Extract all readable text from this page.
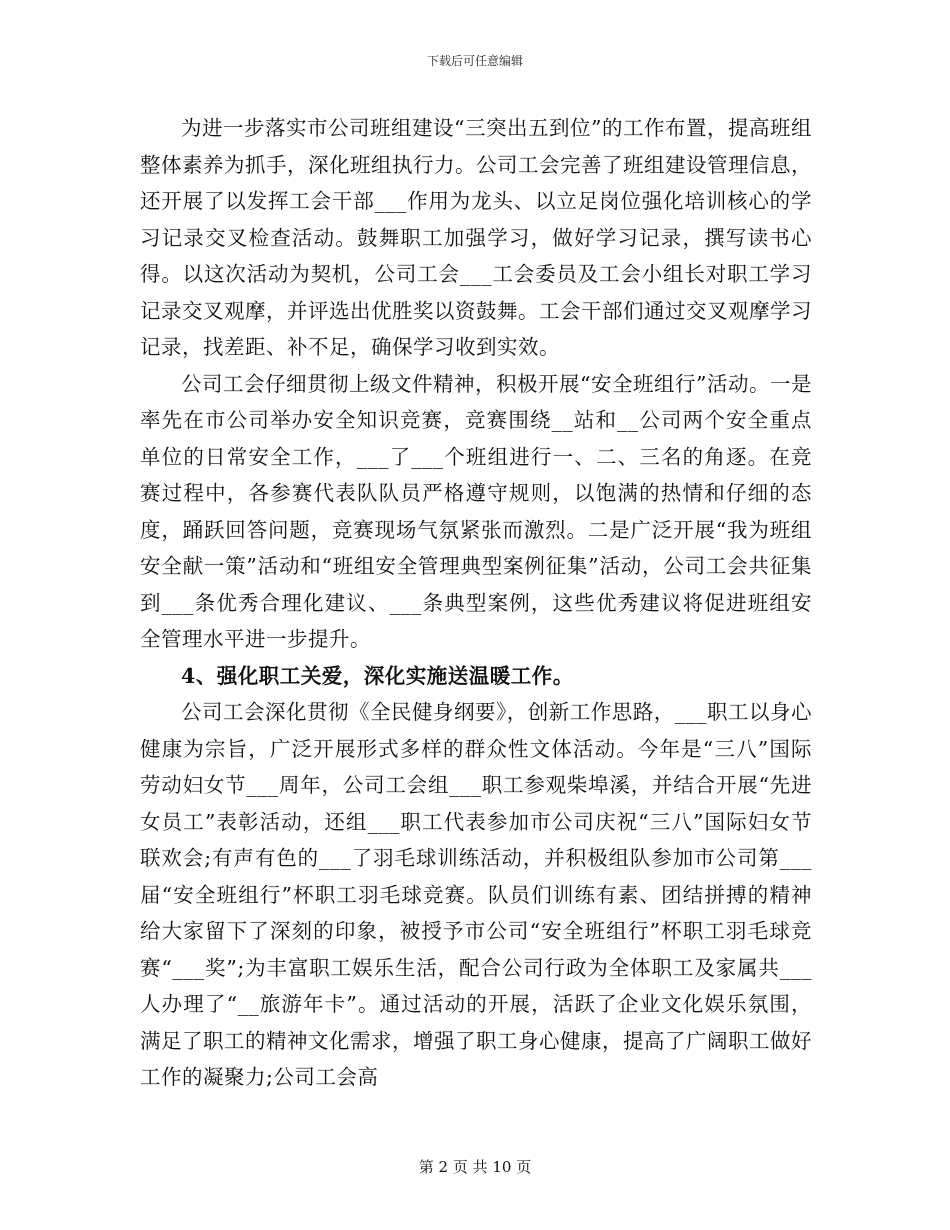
下载后可任意编辑

为进一步落实市公司班组建设“三突出五到位”的工作布置，提高班组整体素养为抓手，深化班组执行力。公司工会完善了班组建设管理信息，还开展了以发挥工会干部___作用为龙头、以立足岗位强化培训核心的学习记录交叉检查活动。鼓舞职工加强学习，做好学习记录，撰写读书心得。以这次活动为契机，公司工会___工会委员及工会小组长对职工学习记录交叉观摩，并评选出优胜奖以资鼓舞。工会干部们通过交叉观摩学习记录，找差距、补不足，确保学习收到实效。

公司工会仔细贯彻上级文件精神，积极开展“安全班组行”活动。一是率先在市公司举办安全知识竞赛，竞赛围绕__站和__公司两个安全重点单位的日常安全工作，___了___个班组进行一、二、三名的角逐。在竞赛过程中，各参赛代表队队员严格遵守规则，以饱满的热情和仔细的态度，踊跃回答问题，竞赛现场气氛紧张而激烈。二是广泛开展“我为班组安全献一策”活动和“班组安全管理典型案例征集”活动，公司工会共征集到___条优秀合理化建议、___条典型案例，这些优秀建议将促进班组安全管理水平进一步提升。

4、强化职工关爱，深化实施送温暖工作。

公司工会深化贯彻《全民健身纲要》，创新工作思路，___职工以身心健康为宗旨，广泛开展形式多样的群众性文体活动。今年是“三八”国际劳动妇女节___周年，公司工会组___职工参观柴埠溪，并结合开展“先进女员工”表彰活动，还组___职工代表参加市公司庆祝“三八”国际妇女节联欢会;有声有色的___了羽毛球训练活动，并积极组队参加市公司第___届“安全班组行”杯职工羽毛球竞赛。队员们训练有素、团结拼搏的精神给大家留下了深刻的印象，被授予市公司“安全班组行”杯职工羽毛球竞赛“___奖”;为丰富职工娱乐生活，配合公司行政为全体职工及家属共___人办理了“__旅游年卡”。通过活动的开展，活跃了企业文化娱乐氛围，满足了职工的精神文化需求，增强了职工身心健康，提高了广阔职工做好工作的凝聚力;公司工会高

第 2 页 共 10 页
